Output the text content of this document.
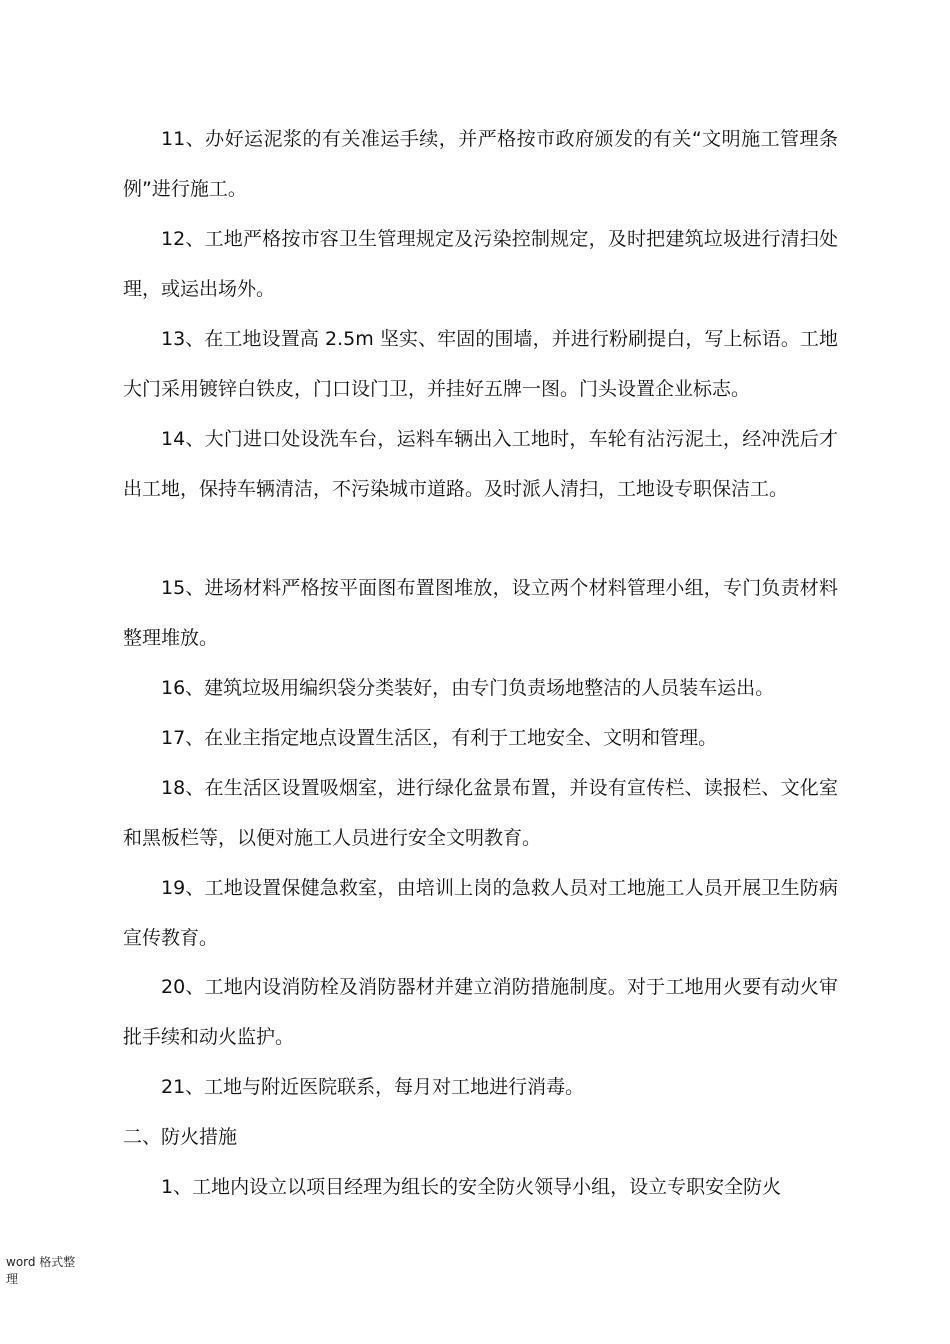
11、办好运泥浆的有关准运手续，并严格按市政府颁发的有关“文明施工管理条例”进行施工。

12、工地严格按市容卫生管理规定及污染控制规定，及时把建筑垃圾进行清扫处理，或运出场外。

13、在工地设置高 2.5m 坚实、牢固的围墙，并进行粉刷提白，写上标语。工地大门采用镀锌白铁皮，门口设门卫，并挂好五牌一图。门头设置企业标志。

14、大门进口处设洗车台，运料车辆出入工地时，车轮有沾污泥土，经冲洗后才出工地，保持车辆清洁，不污染城市道路。及时派人清扫，工地设专职保洁工。

15、进场材料严格按平面图布置图堆放，设立两个材料管理小组，专门负责材料整理堆放。

16、建筑垃圾用编织袋分类装好，由专门负责场地整洁的人员装车运出。

17、在业主指定地点设置生活区，有利于工地安全、文明和管理。

18、在生活区设置吸烟室，进行绿化盆景布置，并设有宣传栏、读报栏、文化室和黑板栏等，以便对施工人员进行安全文明教育。

19、工地设置保健急救室，由培训上岗的急救人员对工地施工人员开展卫生防病宣传教育。

20、工地内设消防栓及消防器材并建立消防措施制度。对于工地用火要有动火审批手续和动火监护。

21、工地与附近医院联系，每月对工地进行消毒。

二、防火措施

1、工地内设立以项目经理为组长的安全防火领导小组，设立专职安全防火

word 格式整
理
